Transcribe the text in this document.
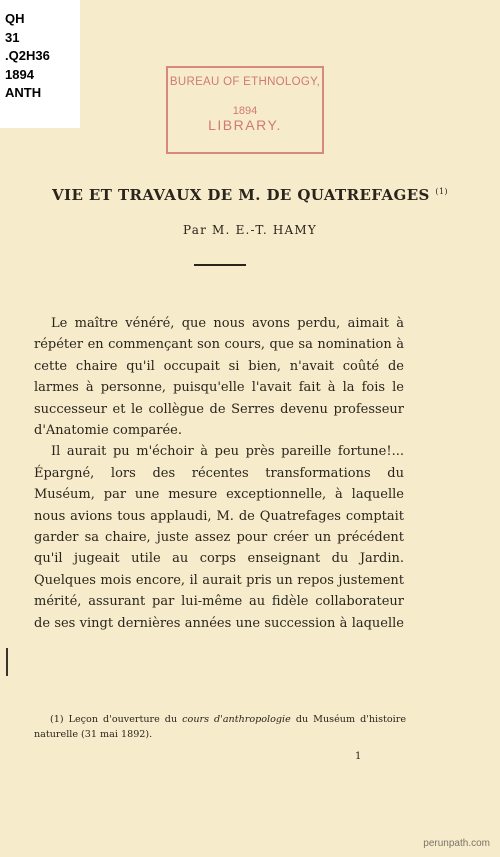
QH
31
.Q2H36
1894
ANTH
BUREAU OF ETHNOLOGY,
1894
LIBRARY.
VIE ET TRAVAUX DE M. DE QUATREFAGES $^{(1)}$
Par M. E.-T. HAMY

Le maître vénéré, que nous avons perdu, aimait à répéter en commençant son cours, que sa nomination à cette chaire qu'il occupait si bien, n'avait coûté de larmes à personne, puisqu'elle l'avait fait à la fois le successeur et le collègue de Serres devenu professeur d'Anatomie comparée.

Il aurait pu m'échoir à peu près pareille fortune!... Épargné, lors des récentes transformations du Muséum, par une mesure exceptionnelle, à laquelle nous avions tous applaudi, M. de Quatrefages comptait garder sa chaire, juste assez pour créer un précédent qu'il jugeait utile au corps enseignant du Jardin. Quelques mois encore, il aurait pris un repos justement mérité, assurant par lui-même au fidèle collaborateur de ses vingt dernières années une succession à laquelle

(1) Leçon d'ouverture du cours d'anthropologie du Muséum d'histoire naturelle (31 mai 1892).

1
perunpath.com
